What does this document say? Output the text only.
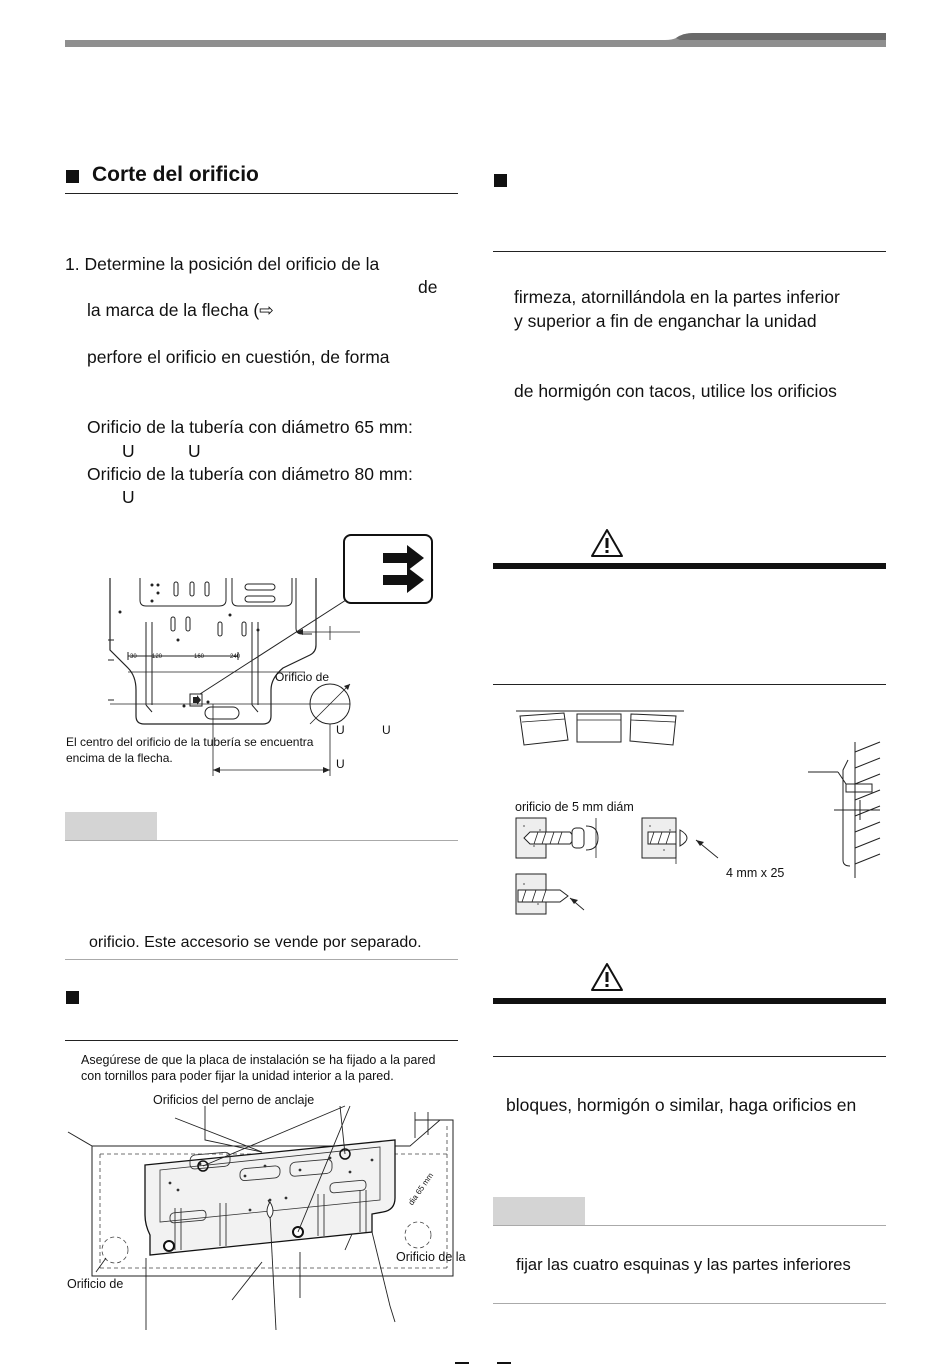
Corte del orificio
1. Determine la posición del orificio de la
de
la marca de la flecha (⇨
perfore el orificio en cuestión, de forma
Orificio de la tubería con diámetro 65 mm:
U	U
Orificio de la tubería con diámetro 80 mm:
U
30	120	160	240
Orificio de
U	U
U
El centro del orificio de la tubería se encuentra
encima de la flecha.
orificio. Este accesorio se vende por separado.
Asegúrese de que la placa de instalación se ha fijado a la pared
con tornillos para poder fijar la unidad interior a la pared.
Orificios del perno de anclaje
dia 65 mm
Orificio de
Orificio de la
firmeza, atornillándola en la partes inferior
y superior a fin de enganchar la unidad
de hormigón con tacos, utilice los orificios
orificio de 5 mm diám
4 mm x 25
bloques, hormigón o similar, haga orificios en
fijar las cuatro esquinas y las partes inferiores
